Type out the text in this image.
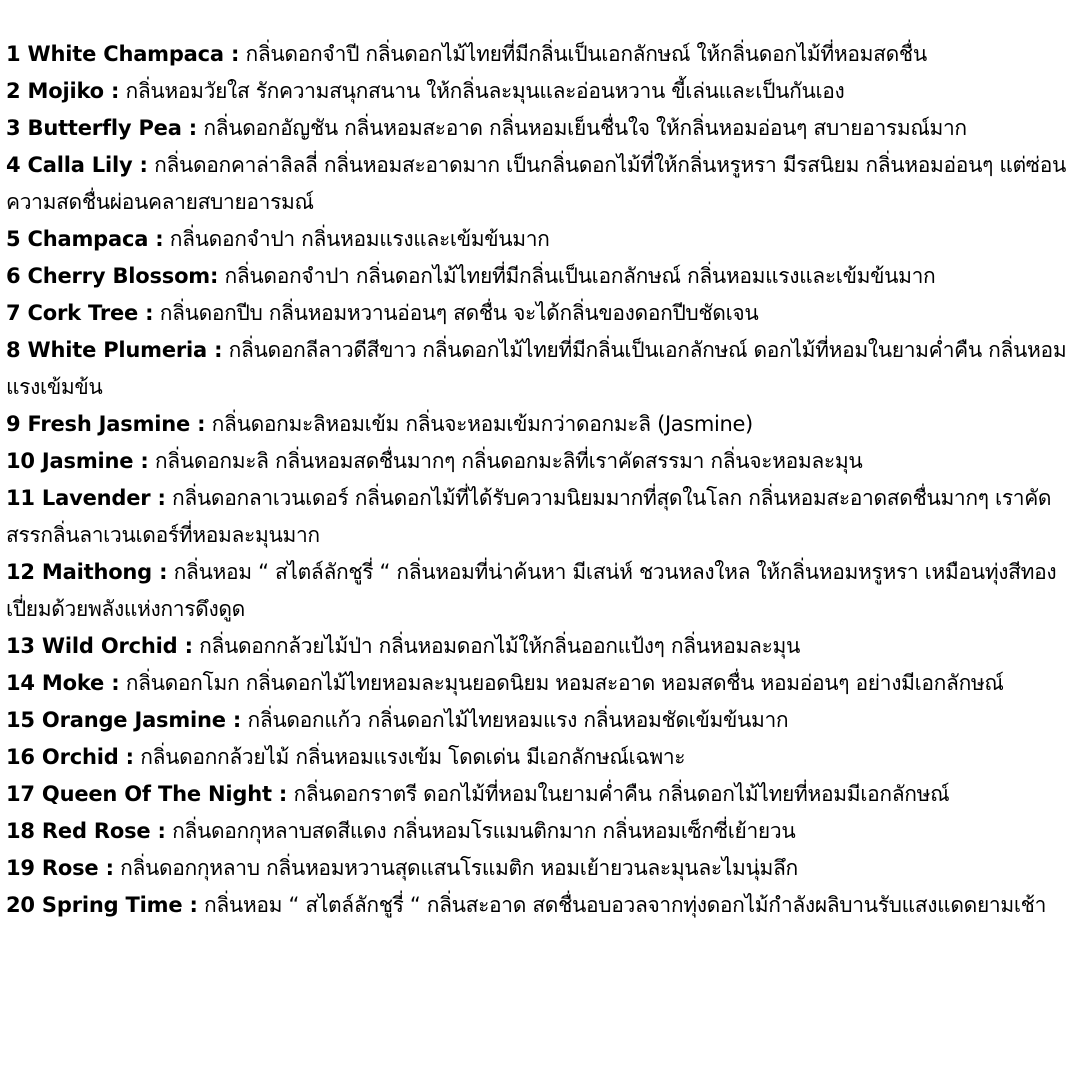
1 White Champaca : กลิ่นดอกจำปี กลิ่นดอกไม้ไทยที่มีกลิ่นเป็นเอกลักษณ์ ให้กลิ่นดอกไม้ที่หอมสดชื่น
2 Mojiko : กลิ่นหอมวัยใส รักความสนุกสนาน ให้กลิ่นละมุนและอ่อนหวาน ขี้เล่นและเป็นกันเอง
3 Butterfly Pea : กลิ่นดอกอัญชัน กลิ่นหอมสะอาด กลิ่นหอมเย็นชื่นใจ ให้กลิ่นหอมอ่อนๆ สบายอารมณ์มาก
4 Calla Lily : กลิ่นดอกคาล่าลิลลี่ กลิ่นหอมสะอาดมาก เป็นกลิ่นดอกไม้ที่ให้กลิ่นหรูหรา มีรสนิยม กลิ่นหอมอ่อนๆ แต่ซ่อนความสดชื่นผ่อนคลายสบายอารมณ์
5 Champaca : กลิ่นดอกจำปา กลิ่นหอมแรงและเข้มข้นมาก
6 Cherry Blossom: กลิ่นดอกจำปา กลิ่นดอกไม้ไทยที่มีกลิ่นเป็นเอกลักษณ์ กลิ่นหอมแรงและเข้มข้นมาก
7 Cork Tree : กลิ่นดอกปีบ กลิ่นหอมหวานอ่อนๆ สดชื่น จะได้กลิ่นของดอกปีบชัดเจน
8 White Plumeria : กลิ่นดอกลีลาวดีสีขาว กลิ่นดอกไม้ไทยที่มีกลิ่นเป็นเอกลักษณ์ ดอกไม้ที่หอมในยามค่ำคืน กลิ่นหอมแรงเข้มข้น
9 Fresh Jasmine : กลิ่นดอกมะลิหอมเข้ม กลิ่นจะหอมเข้มกว่าดอกมะลิ (Jasmine)
10 Jasmine : กลิ่นดอกมะลิ กลิ่นหอมสดชื่นมากๆ กลิ่นดอกมะลิที่เราคัดสรรมา กลิ่นจะหอมละมุน
11 Lavender : กลิ่นดอกลาเวนเดอร์ กลิ่นดอกไม้ที่ได้รับความนิยมมากที่สุดในโลก กลิ่นหอมสะอาดสดชื่นมากๆ เราคัดสรรกลิ่นลาเวนเดอร์ที่หอมละมุนมาก
12 Maithong : กลิ่นหอม “ สไตล์ลักชูรี่ “ กลิ่นหอมที่น่าค้นหา มีเสน่ห์ ชวนหลงใหล ให้กลิ่นหอมหรูหรา เหมือนทุ่งสีทองเปี่ยมด้วยพลังแห่งการดึงดูด
13 Wild Orchid : กลิ่นดอกกล้วยไม้ป่า กลิ่นหอมดอกไม้ให้กลิ่นออกแป้งๆ กลิ่นหอมละมุน
14 Moke : กลิ่นดอกโมก กลิ่นดอกไม้ไทยหอมละมุนยอดนิยม หอมสะอาด หอมสดชื่น หอมอ่อนๆ อย่างมีเอกลักษณ์
15 Orange Jasmine : กลิ่นดอกแก้ว กลิ่นดอกไม้ไทยหอมแรง กลิ่นหอมชัดเข้มข้นมาก
16 Orchid : กลิ่นดอกกล้วยไม้ กลิ่นหอมแรงเข้ม โดดเด่น มีเอกลักษณ์เฉพาะ
17 Queen Of The Night : กลิ่นดอกราตรี ดอกไม้ที่หอมในยามค่ำคืน กลิ่นดอกไม้ไทยที่หอมมีเอกลักษณ์
18 Red Rose : กลิ่นดอกกุหลาบสดสีแดง กลิ่นหอมโรแมนติกมาก กลิ่นหอมเซ็กซี่เย้ายวน
19 Rose : กลิ่นดอกกุหลาบ กลิ่นหอมหวานสุดแสนโรแมติก หอมเย้ายวนละมุนละไมนุ่มลึก
20 Spring Time : กลิ่นหอม “ สไตล์ลักชูรี่ “ กลิ่นสะอาด สดชื่นอบอวลจากทุ่งดอกไม้กำลังผลิบานรับแสงแดดยามเช้า
